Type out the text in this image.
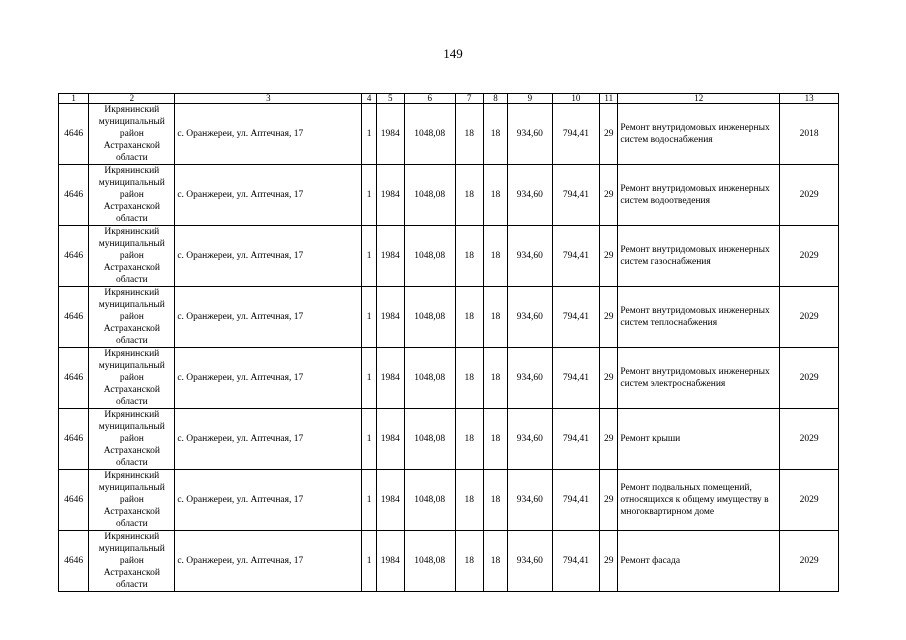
149
1	2	3	4	5	6	7	8	9	10	11	12	13
4646	Икрянинский муниципальный район Астраханской области	с. Оранжереи, ул. Аптечная, 17	1	1984	1048,08	18	18	934,60	794,41	29	Ремонт внутридомовых инженерных систем водоснабжения	2018
4646	Икрянинский муниципальный район Астраханской области	с. Оранжереи, ул. Аптечная, 17	1	1984	1048,08	18	18	934,60	794,41	29	Ремонт внутридомовых инженерных систем водоотведения	2029
4646	Икрянинский муниципальный район Астраханской области	с. Оранжереи, ул. Аптечная, 17	1	1984	1048,08	18	18	934,60	794,41	29	Ремонт внутридомовых инженерных систем газоснабжения	2029
4646	Икрянинский муниципальный район Астраханской области	с. Оранжереи, ул. Аптечная, 17	1	1984	1048,08	18	18	934,60	794,41	29	Ремонт внутридомовых инженерных систем теплоснабжения	2029
4646	Икрянинский муниципальный район Астраханской области	с. Оранжереи, ул. Аптечная, 17	1	1984	1048,08	18	18	934,60	794,41	29	Ремонт внутридомовых инженерных систем электроснабжения	2029
4646	Икрянинский муниципальный район Астраханской области	с. Оранжереи, ул. Аптечная, 17	1	1984	1048,08	18	18	934,60	794,41	29	Ремонт крыши	2029
4646	Икрянинский муниципальный район Астраханской области	с. Оранжереи, ул. Аптечная, 17	1	1984	1048,08	18	18	934,60	794,41	29	Ремонт подвальных помещений, относящихся к общему имуществу в многоквартирном доме	2029
4646	Икрянинский муниципальный район Астраханской области	с. Оранжереи, ул. Аптечная, 17	1	1984	1048,08	18	18	934,60	794,41	29	Ремонт фасада	2029
